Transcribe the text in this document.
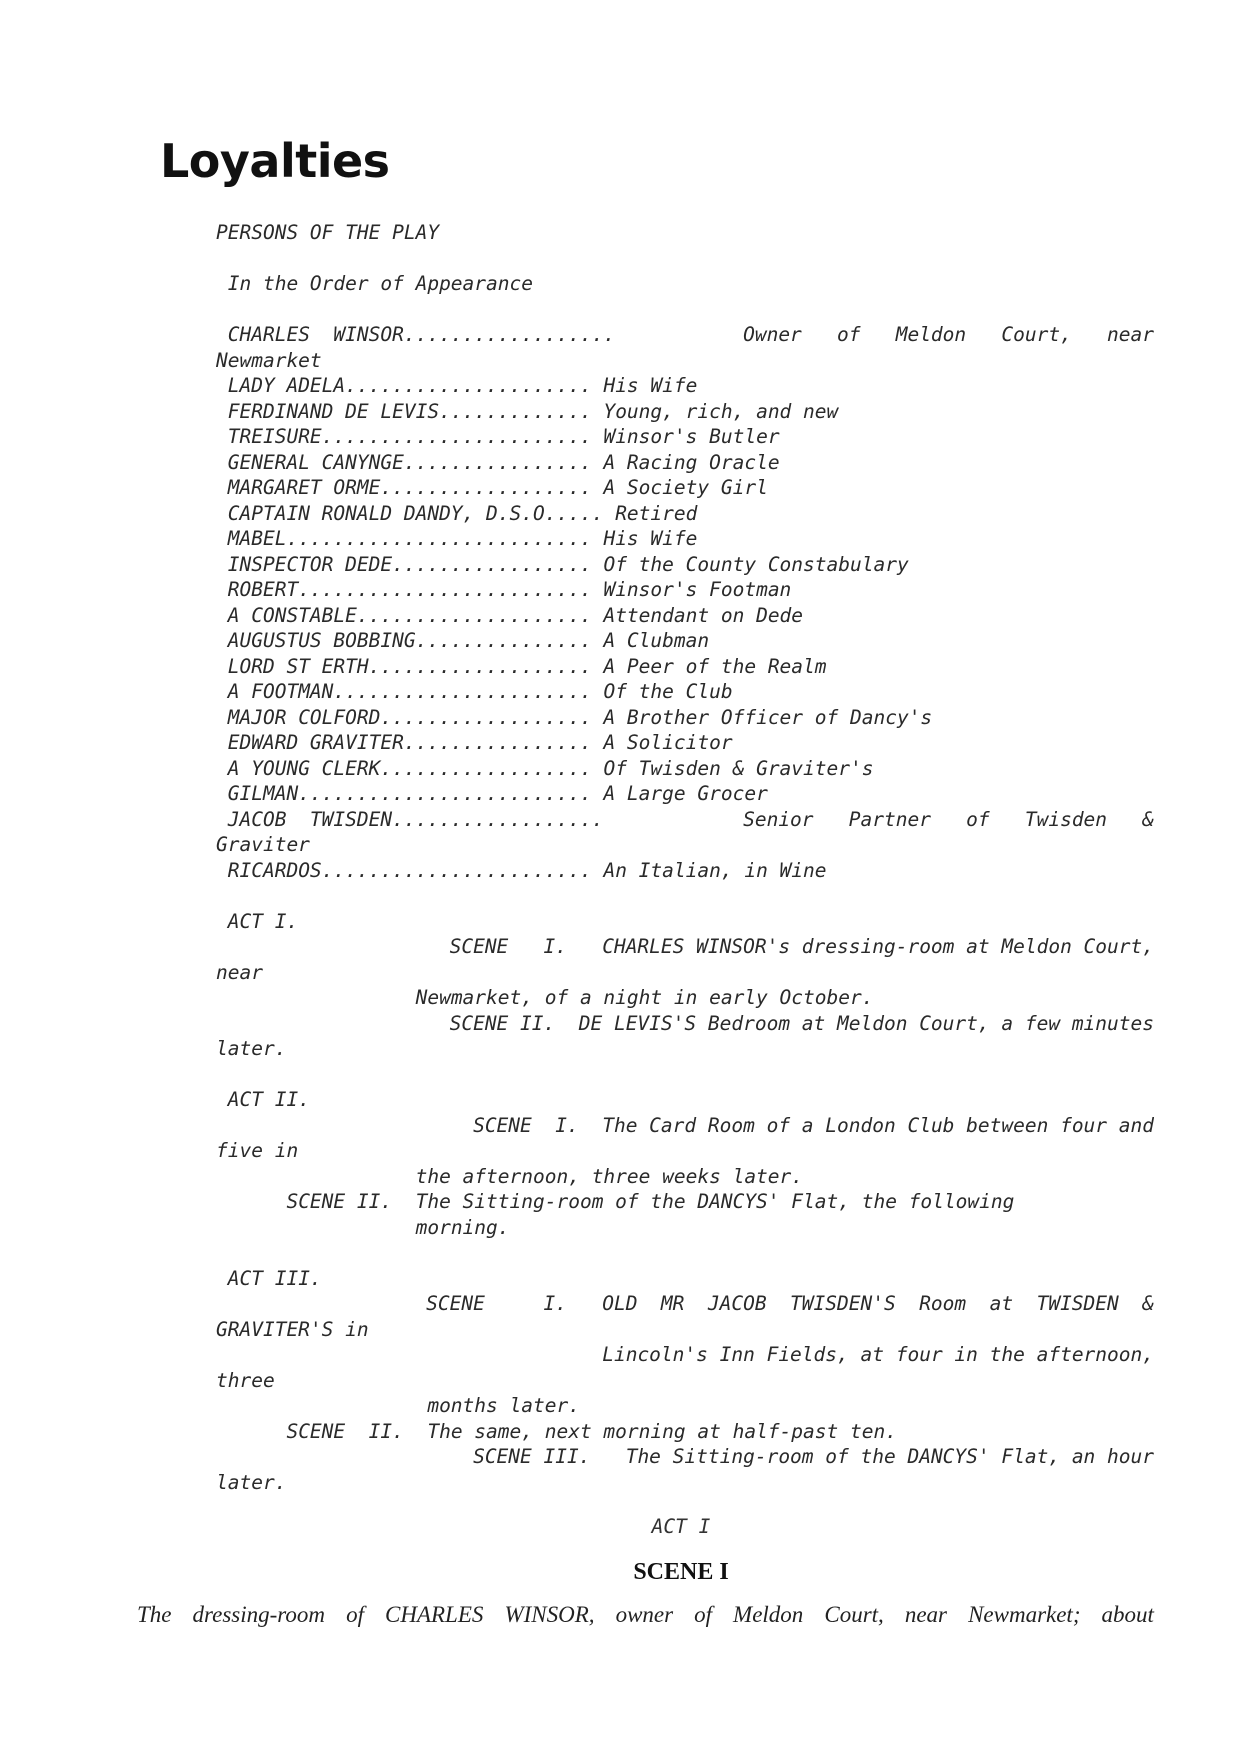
Loyalties
PERSONS OF THE PLAY
In the Order of Appearance
CHARLES  WINSOR..................	Owner   of   Meldon   Court,   near
Newmarket
LADY ADELA..................... His Wife
FERDINAND DE LEVIS............. Young, rich, and new
TREISURE....................... Winsor's Butler
GENERAL CANYNGE................ A Racing Oracle
MARGARET ORME.................. A Society Girl
CAPTAIN RONALD DANDY, D.S.O..... Retired
MABEL.......................... His Wife
INSPECTOR DEDE................. Of the County Constabulary
ROBERT......................... Winsor's Footman
A CONSTABLE.................... Attendant on Dede
AUGUSTUS BOBBING............... A Clubman
LORD ST ERTH................... A Peer of the Realm
A FOOTMAN...................... Of the Club
MAJOR COLFORD.................. A Brother Officer of Dancy's
EDWARD GRAVITER................ A Solicitor
A YOUNG CLERK.................. Of Twisden & Graviter's
GILMAN......................... A Large Grocer
JACOB  TWISDEN..................	Senior   Partner   of   Twisden   &
Graviter
RICARDOS....................... An Italian, in Wine
ACT I.

SCENE   I.   CHARLES WINSOR's dressing-room at Meldon Court,
near
Newmarket, of a night in early October.

SCENE II.  DE LEVIS'S Bedroom at Meldon Court, a few minutes
later.
ACT II.

SCENE  I.  The Card Room of a London Club between four and
five in
the afternoon, three weeks later.
SCENE II.  The Sitting-room of the DANCYS' Flat, the following
morning.
ACT III.

SCENE     I.   OLD  MR  JACOB  TWISDEN'S  Room  at  TWISDEN  &
GRAVITER'S in

Lincoln's Inn Fields, at four in the afternoon,
three
months later.
SCENE  II.  The same, next morning at half-past ten.

SCENE III.   The Sitting-room of the DANCYS' Flat, an hour
later.
ACT I
SCENE I
The dressing-room of CHARLES WINSOR, owner of Meldon Court, near Newmarket; about
